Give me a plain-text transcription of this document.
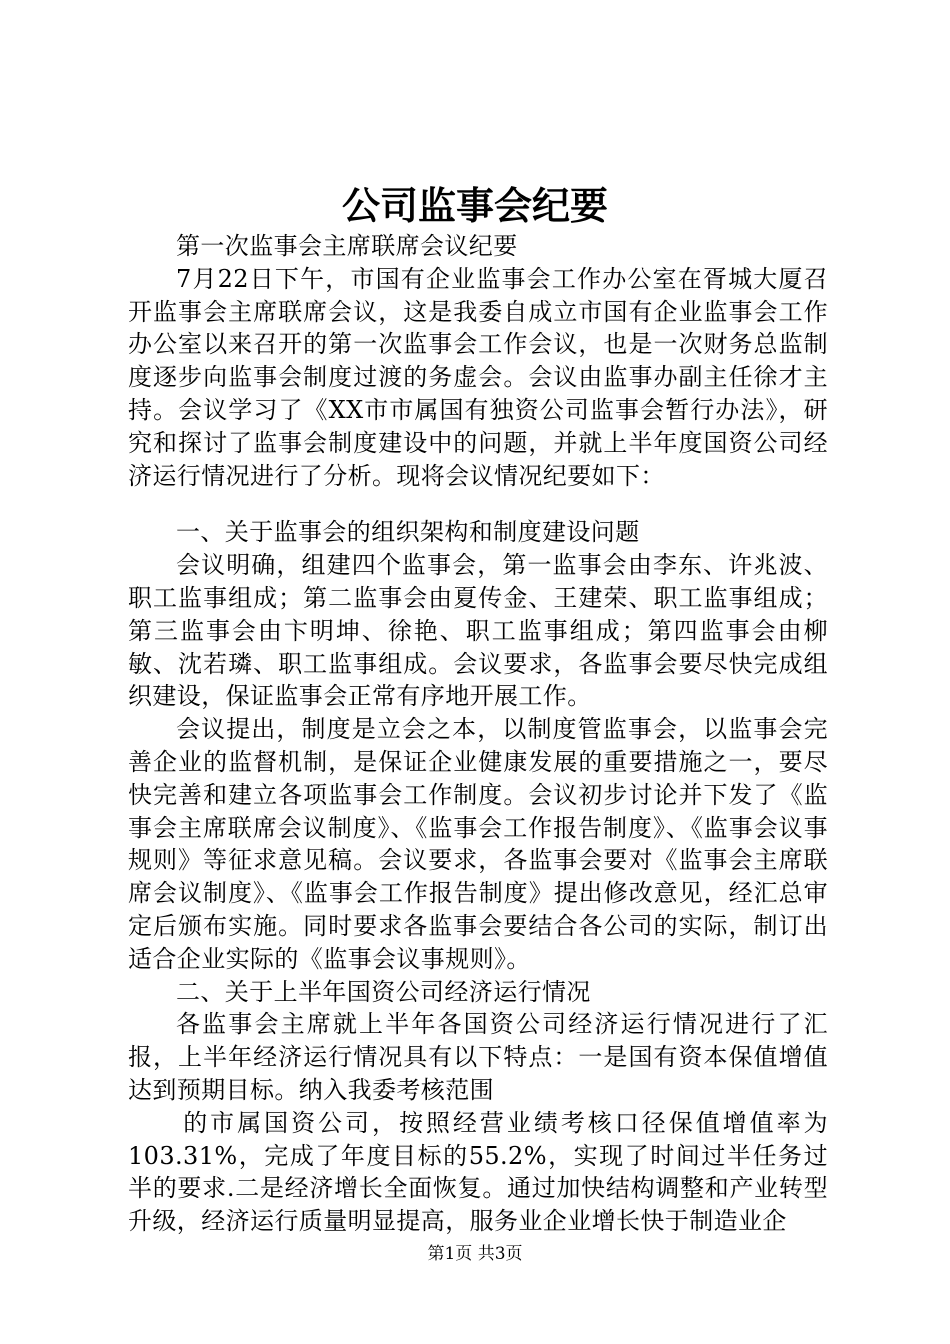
公司监事会纪要

第一次监事会主席联席会议纪要

7月22日下午，市国有企业监事会工作办公室在胥城大厦召开监事会主席联席会议，这是我委自成立市国有企业监事会工作办公室以来召开的第一次监事会工作会议，也是一次财务总监制度逐步向监事会制度过渡的务虚会。会议由监事办副主任徐才主持。会议学习了《XX市市属国有独资公司监事会暂行办法》，研究和探讨了监事会制度建设中的问题，并就上半年度国资公司经济运行情况进行了分析。现将会议情况纪要如下：

一、关于监事会的组织架构和制度建设问题

会议明确，组建四个监事会，第一监事会由李东、许兆波、职工监事组成；第二监事会由夏传金、王建荣、职工监事组成；第三监事会由卞明坤、徐艳、职工监事组成；第四监事会由柳敏、沈若璘、职工监事组成。会议要求，各监事会要尽快完成组织建设，保证监事会正常有序地开展工作。

会议提出，制度是立会之本，以制度管监事会，以监事会完善企业的监督机制，是保证企业健康发展的重要措施之一，要尽快完善和建立各项监事会工作制度。会议初步讨论并下发了《监事会主席联席会议制度》、《监事会工作报告制度》、《监事会议事规则》等征求意见稿。会议要求，各监事会要对《监事会主席联席会议制度》、《监事会工作报告制度》提出修改意见，经汇总审定后颁布实施。同时要求各监事会要结合各公司的实际，制订出适合企业实际的《监事会议事规则》。

二、关于上半年国资公司经济运行情况

各监事会主席就上半年各国资公司经济运行情况进行了汇报，上半年经济运行情况具有以下特点：一是国有资本保值增值达到预期目标。纳入我委考核范围

的市属国资公司，按照经营业绩考核口径保值增值率为103.31%，完成了年度目标的55.2%，实现了时间过半任务过半的要求.二是经济增长全面恢复。通过加快结构调整和产业转型升级，经济运行质量明显提高，服务业企业增长快于制造业企

第1页 共3页
